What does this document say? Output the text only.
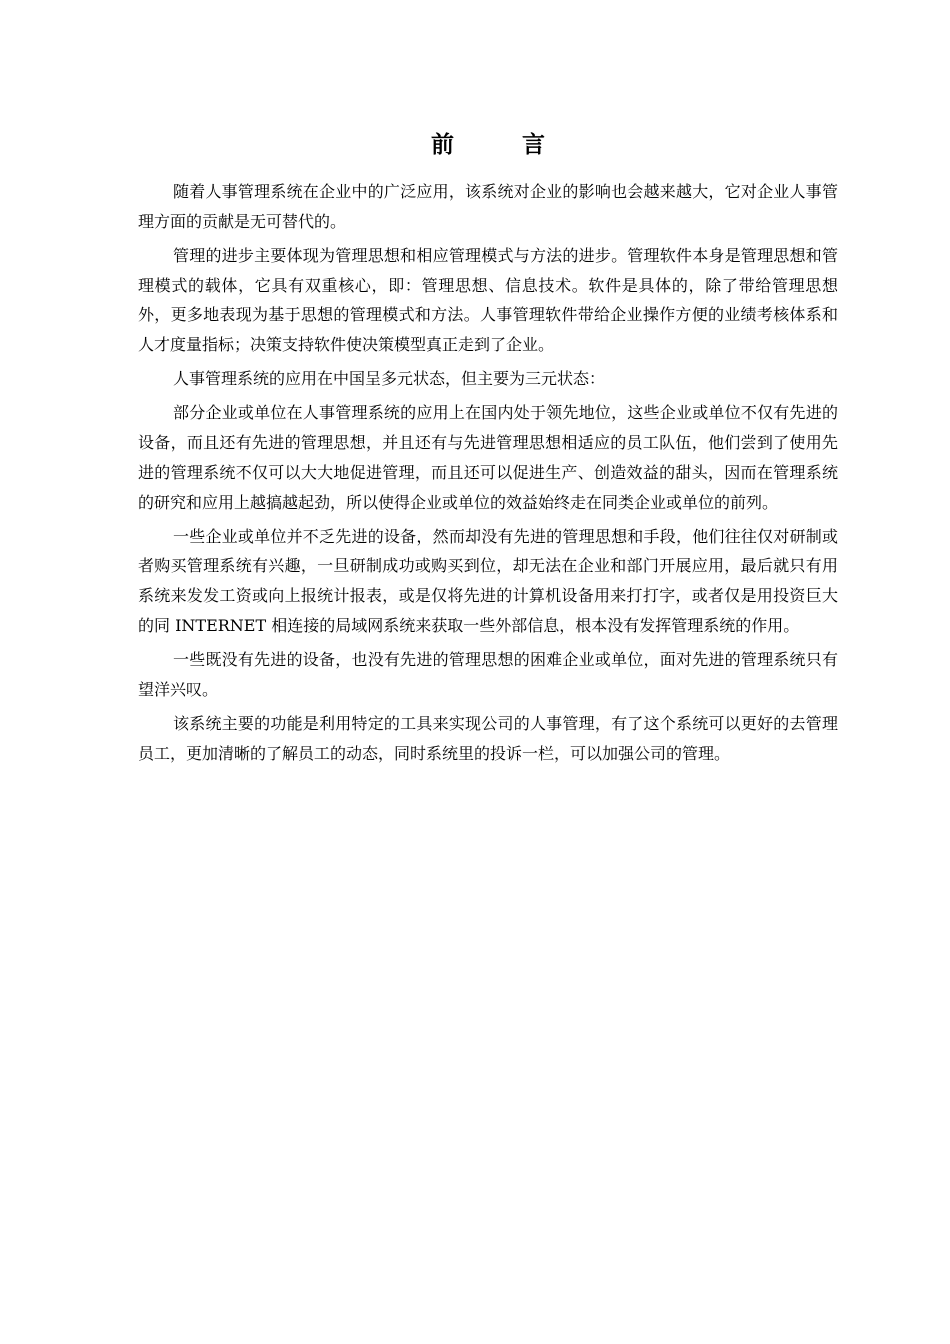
前 言

随着人事管理系统在企业中的广泛应用，该系统对企业的影响也会越来越大，它对企业人事管理方面的贡献是无可替代的。

管理的进步主要体现为管理思想和相应管理模式与方法的进步。管理软件本身是管理思想和管理模式的载体，它具有双重核心，即：管理思想、信息技术。软件是具体的，除了带给管理思想外，更多地表现为基于思想的管理模式和方法。人事管理软件带给企业操作方便的业绩考核体系和人才度量指标；决策支持软件使决策模型真正走到了企业。

人事管理系统的应用在中国呈多元状态，但主要为三元状态：

部分企业或单位在人事管理系统的应用上在国内处于领先地位，这些企业或单位不仅有先进的设备，而且还有先进的管理思想，并且还有与先进管理思想相适应的员工队伍，他们尝到了使用先进的管理系统不仅可以大大地促进管理，而且还可以促进生产、创造效益的甜头，因而在管理系统的研究和应用上越搞越起劲，所以使得企业或单位的效益始终走在同类企业或单位的前列。

一些企业或单位并不乏先进的设备，然而却没有先进的管理思想和手段，他们往往仅对研制或者购买管理系统有兴趣，一旦研制成功或购买到位，却无法在企业和部门开展应用，最后就只有用系统来发发工资或向上报统计报表，或是仅将先进的计算机设备用来打打字，或者仅是用投资巨大的同 INTERNET 相连接的局域网系统来获取一些外部信息，根本没有发挥管理系统的作用。

一些既没有先进的设备，也没有先进的管理思想的困难企业或单位，面对先进的管理系统只有望洋兴叹。

该系统主要的功能是利用特定的工具来实现公司的人事管理，有了这个系统可以更好的去管理员工，更加清晰的了解员工的动态，同时系统里的投诉一栏，可以加强公司的管理。
